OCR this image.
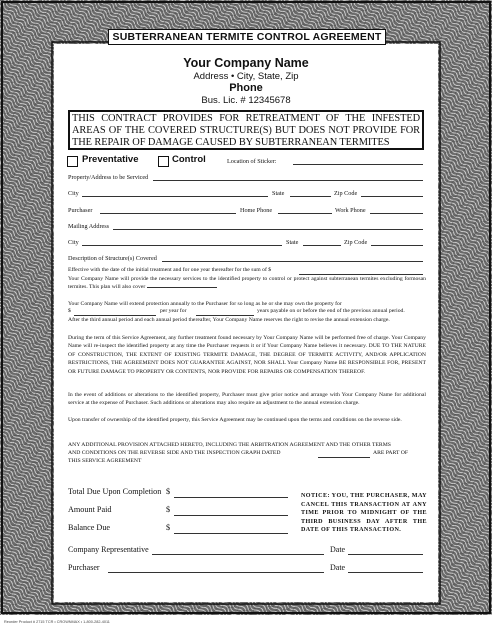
SUBTERRANEAN TERMITE CONTROL AGREEMENT
Your Company Name
Address • City, State, Zip
Phone
Bus. Lic. # 12345678
THIS CONTRACT PROVIDES FOR RETREATMENT OF THE INFESTED AREAS OF THE COVERED STRUCTURE(S) BUT DOES NOT PROVIDE FOR THE REPAIR OF DAMAGE CAUSED BY SUBTERRANEAN TERMITES
Preventative	Control	Location of Sticker:
Property/Address to be Serviced
City	State	Zip Code
Purchaser	Home Phone	Work Phone
Mailing Address
City	State	Zip Code
Description of Structure(s) Covered
Effective with the date of the initial treatment and for one year thereafter for the sum of $
Your Company Name will provide the necessary services to the identified property to control or protect against subterranean termites excluding formosan termites. This plan will also cover
Your Company Name will extend protection annually to the Purchaser for so long as he or she may own the property for
$	per year for	years payable on or before the end of the previous annual period.
After the third annual period and each annual period thereafter, Your Company Name reserves the right to revise the annual extension charge.
During the term of this Service Agreement, any further treatment found necessary by Your Company Name will be performed free of charge. Your Company Name will re-inspect the identified property at any time the Purchaser requests it or if Your Company Name believes it necessary. DUE TO THE NATURE OF CONSTRUCTION, THE EXTENT OF EXISTING TERMITE DAMAGE, THE DEGREE OF TERMITE ACTIVITY, AND/OR APPLICATION RESTRICTIONS, THE AGREEMENT DOES NOT GUARANTEE AGAINST, NOR SHALL Your Company Name BE RESPONSIBLE FOR, PRESENT OR FUTURE DAMAGE TO PROPERTY OR CONTENTS, NOR PROVIDE FOR REPAIRS OR COMPENSATION THEREOF.
In the event of additions or alterations to the identified property, Purchaser must give prior notice and arrange with Your Company Name for additional service at the expense of Purchaser. Such additions or alterations may also require an adjustment to the annual extension charge.
Upon transfer of ownership of the identified property, this Service Agreement may be continued upon the terms and conditions on the reverse side.
ANY ADDITIONAL PROVISION ATTACHED HERETO, INCLUDING THE ARBITRATION AGREEMENT AND THE OTHER TERMS
AND CONDITIONS ON THE REVERSE SIDE AND THE INSPECTION GRAPH DATED	ARE PART OF
THIS SERVICE AGREEMENT
Total Due Upon Completion $
Amount Paid	$
Balance Due	$
NOTICE: YOU, THE PURCHASER, MAY CANCEL THIS TRANSACTION AT ANY TIME PRIOR TO MIDNIGHT OF THE THIRD BUSINESS DAY AFTER THE DATE OF THIS TRANSACTION.
Company Representative	Date
Purchaser	Date
Reorder Product # 2715 TCR • CROWNMAX • 1-800-282-4011
